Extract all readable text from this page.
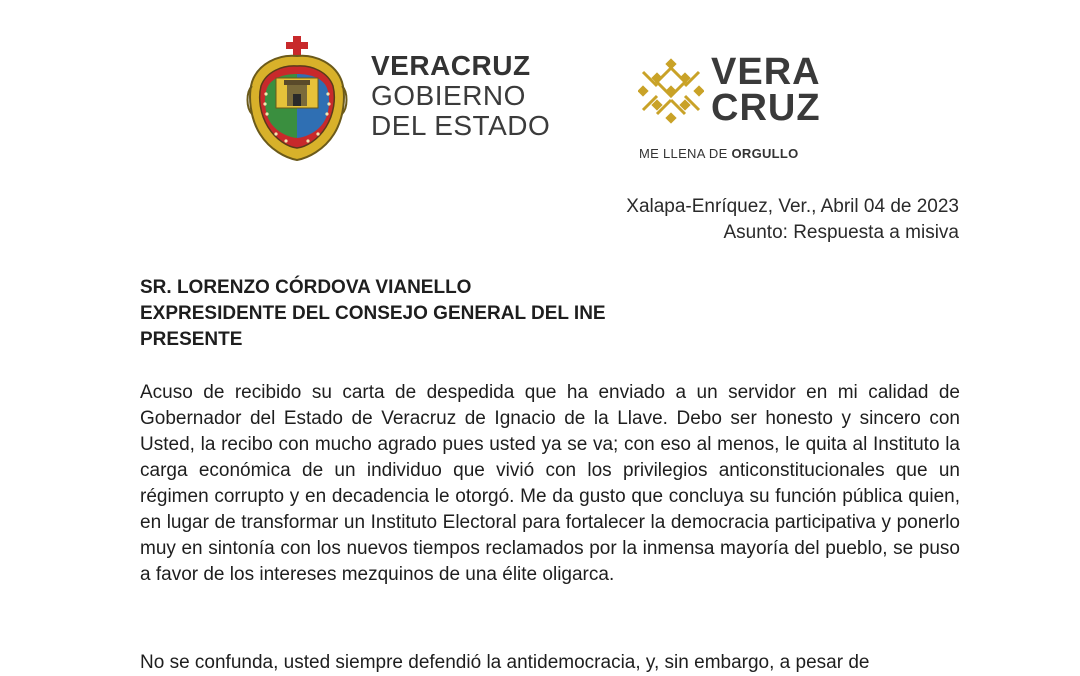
VERACRUZ
GOBIERNO
DEL ESTADO
VERA
CRUZ
ME LLENA DE ORGULLO
Xalapa-Enríquez, Ver., Abril 04 de 2023
Asunto: Respuesta a misiva
SR. LORENZO CÓRDOVA VIANELLO
EXPRESIDENTE DEL CONSEJO GENERAL DEL INE
PRESENTE

Acuso de recibido su carta de despedida que ha enviado a un servidor en mi calidad de Gobernador del Estado de Veracruz de Ignacio de la Llave. Debo ser honesto y sincero con Usted, la recibo con mucho agrado pues usted ya se va; con eso al menos, le quita al Instituto la carga económica de un individuo que vivió con los privilegios anticonstitucionales que un régimen corrupto y en decadencia le otorgó. Me da gusto que concluya su función pública quien, en lugar de transformar un Instituto Electoral para fortalecer la democracia participativa y ponerlo muy en sintonía con los nuevos tiempos reclamados por la inmensa mayoría del pueblo, se puso a favor de los intereses mezquinos de una élite oligarca.

No se confunda, usted siempre defendió la antidemocracia, y, sin embargo, a pesar de
